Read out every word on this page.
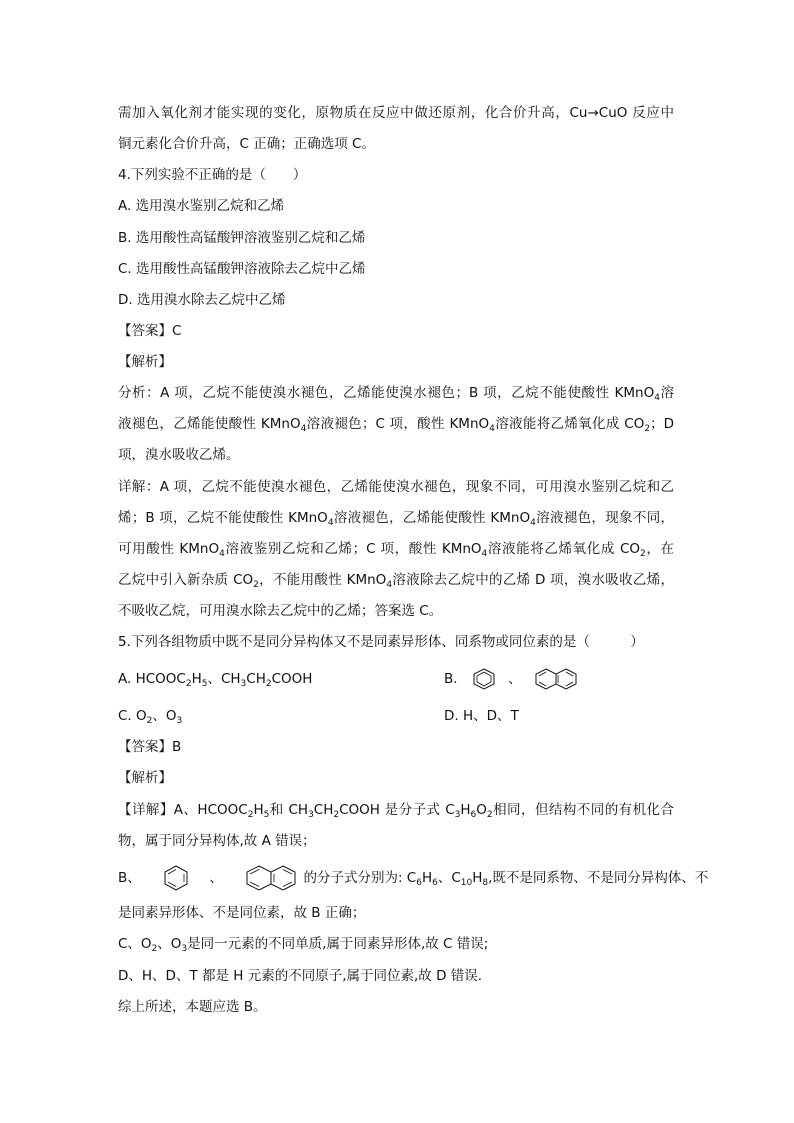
需加入氧化剂才能实现的变化，原物质在反应中做还原剂，化合价升高，Cu→CuO 反应中
铜元素化合价升高，C 正确；正确选项 C。
4.下列实验不正确的是（　　）
A. 选用溴水鉴别乙烷和乙烯
B. 选用酸性高锰酸钾溶液鉴别乙烷和乙烯
C. 选用酸性高锰酸钾溶液除去乙烷中乙烯
D. 选用溴水除去乙烷中乙烯
【答案】C
【解析】
分析：A 项，乙烷不能使溴水褪色，乙烯能使溴水褪色；B 项，乙烷不能使酸性 KMnO$_4$溶
液褪色，乙烯能使酸性 KMnO$_4$溶液褪色；C 项，酸性 KMnO$_4$溶液能将乙烯氧化成 $CO_2$；D
项，溴水吸收乙烯。
详解：A 项，乙烷不能使溴水褪色，乙烯能使溴水褪色，现象不同，可用溴水鉴别乙烷和乙
烯；B 项，乙烷不能使酸性 KMnO$_4$溶液褪色，乙烯能使酸性 KMnO$_4$溶液褪色，现象不同，
可用酸性 KMnO$_4$溶液鉴别乙烷和乙烯；C 项，酸性 KMnO$_4$溶液能将乙烯氧化成 $CO_2$，在
乙烷中引入新杂质 $CO_2$，不能用酸性 KMnO$_4$溶液除去乙烷中的乙烯 D 项，溴水吸收乙烯，
不吸收乙烷，可用溴水除去乙烷中的乙烯；答案选 C。
5.下列各组物质中既不是同分异构体又不是同素异形体、同系物或同位素的是（　　　）
A. $HCOOC_2H_5$、$CH_3CH_2COOH$	B.	、
C. $O_2$、$O_3$	D. H、D、T
【答案】B
【解析】
【详解】A、$HCOOC_2H_5$和 $CH_3CH_2COOH$ 是分子式 $C_3H_6O_2$相同，但结构不同的有机化合
物，属于同分异构体,故 A 错误；
B、	、	的分子式分别为: $C_6H_6$、$C_{10}H_8$,既不是同系物、不是同分异构体、不
是同素异形体、不是同位素，故 B 正确；
C、$O_2$、$O_3$是同一元素的不同单质,属于同素异形体,故 C 错误;
D、H、D、T 都是 H 元素的不同原子,属于同位素,故 D 错误.
综上所述，本题应选 B。
